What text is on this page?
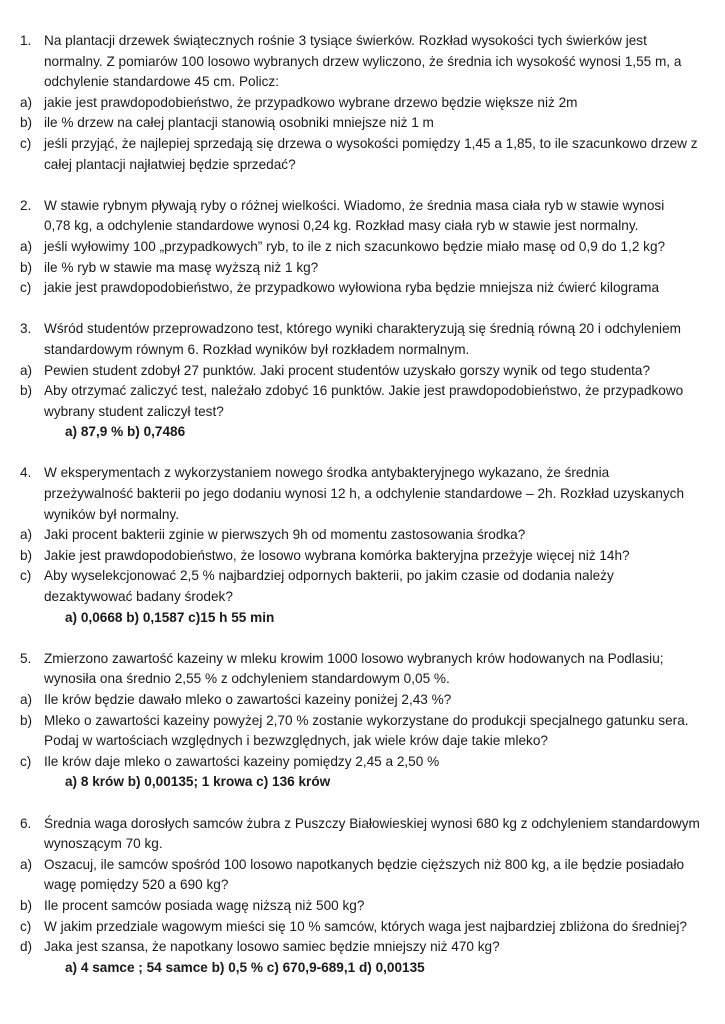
1. Na plantacji drzewek świątecznych rośnie 3 tysiące świerków. Rozkład wysokości tych świerków jest
normalny. Z pomiarów 100 losowo wybranych drzew wyliczono, że średnia ich wysokość wynosi 1,55 m, a
odchylenie standardowe 45 cm. Policz:
a) jakie jest prawdopodobieństwo, że przypadkowo wybrane drzewo będzie większe niż 2m
b) ile % drzew na całej plantacji stanowią osobniki mniejsze niż 1 m
c) jeśli przyjąć, że najlepiej sprzedają się drzewa o wysokości pomiędzy 1,45 a 1,85, to ile szacunkowo drzew z
całej plantacji najłatwiej będzie sprzedać?
2. W stawie rybnym pływają ryby o różnej wielkości. Wiadomo, że średnia masa ciała ryb w stawie wynosi
0,78 kg, a odchylenie standardowe wynosi 0,24 kg. Rozkład masy ciała ryb w stawie jest normalny.
a) jeśli wyłowimy 100 „przypadkowych” ryb, to ile z nich szacunkowo będzie miało masę od 0,9 do 1,2 kg?
b) ile % ryb w stawie ma masę wyższą niż 1 kg?
c) jakie jest prawdopodobieństwo, że przypadkowo wyłowiona ryba będzie mniejsza niż ćwierć kilograma
3. Wśród studentów przeprowadzono test, którego wyniki charakteryzują się średnią równą 20 i odchyleniem
standardowym równym 6. Rozkład wyników był rozkładem normalnym.
a) Pewien student zdobył 27 punktów. Jaki procent studentów uzyskało gorszy wynik od tego studenta?
b) Aby otrzymać zaliczyć test, należało zdobyć 16 punktów. Jakie jest prawdopodobieństwo, że przypadkowo
wybrany student zaliczył test?
a) 87,9 % b) 0,7486
4. W eksperymentach z wykorzystaniem nowego środka antybakteryjnego wykazano, że średnia
przeżywalność bakterii po jego dodaniu wynosi 12 h, a odchylenie standardowe – 2h. Rozkład uzyskanych
wyników był normalny.
a) Jaki procent bakterii zginie w pierwszych 9h od momentu zastosowania środka?
b) Jakie jest prawdopodobieństwo, że losowo wybrana komórka bakteryjna przeżyje więcej niż 14h?
c) Aby wyselekcjonować 2,5 % najbardziej odpornych bakterii, po jakim czasie od dodania należy
dezaktywować badany środek?
a) 0,0668 b) 0,1587 c)15 h 55 min
5. Zmierzono zawartość kazeiny w mleku krowim 1000 losowo wybranych krów hodowanych na Podlasiu;
wynosiła ona średnio 2,55 % z odchyleniem standardowym 0,05 %.
a) Ile krów będzie dawało mleko o zawartości kazeiny poniżej 2,43 %?
b) Mleko o zawartości kazeiny powyżej 2,70 % zostanie wykorzystane do produkcji specjalnego gatunku sera.
Podaj w wartościach względnych i bezwzględnych, jak wiele krów daje takie mleko?
c) Ile krów daje mleko o zawartości kazeiny pomiędzy 2,45 a 2,50 %
a) 8 krów b) 0,00135; 1 krowa c) 136 krów
6. Średnia waga dorosłych samców żubra z Puszczy Białowieskiej wynosi 680 kg z odchyleniem standardowym
wynoszącym 70 kg.
a) Oszacuj, ile samców spośród 100 losowo napotkanych będzie cięższych niż 800 kg, a ile będzie posiadało
wagę pomiędzy 520 a 690 kg?
b) Ile procent samców posiada wagę niższą niż 500 kg?
c) W jakim przedziale wagowym mieści się 10 % samców, których waga jest najbardziej zbliżona do średniej?
d) Jaka jest szansa, że napotkany losowo samiec będzie mniejszy niż 470 kg?
a) 4 samce ; 54 samce b) 0,5 % c) 670,9-689,1 d) 0,00135
